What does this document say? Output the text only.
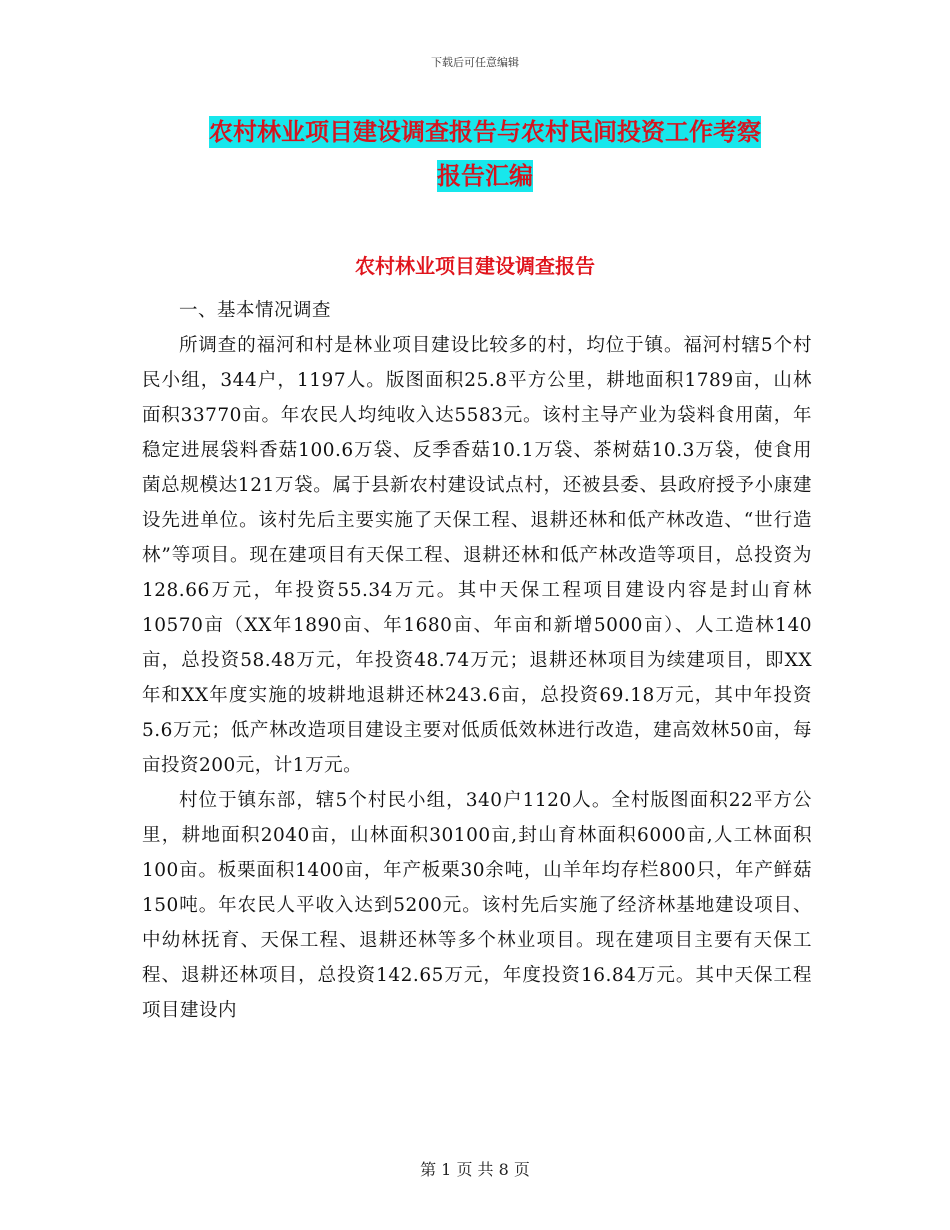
下载后可任意编辑
农村林业项目建设调查报告与农村民间投资工作考察
报告汇编
农村林业项目建设调查报告

一、基本情况调查

所调查的福河和村是林业项目建设比较多的村，均位于镇。福河村辖5个村民小组，344户，1197人。版图面积25.8平方公里，耕地面积1789亩，山林面积33770亩。年农民人均纯收入达5583元。该村主导产业为袋料食用菌，年稳定进展袋料香菇100.6万袋、反季香菇10.1万袋、茶树菇10.3万袋，使食用菌总规模达121万袋。属于县新农村建设试点村，还被县委、县政府授予小康建设先进单位。该村先后主要实施了天保工程、退耕还林和低产林改造、“世行造林”等项目。现在建项目有天保工程、退耕还林和低产林改造等项目，总投资为128.66万元，年投资55.34万元。其中天保工程项目建设内容是封山育林10570亩（XX年1890亩、年1680亩、年亩和新增5000亩）、人工造林140亩，总投资58.48万元，年投资48.74万元；退耕还林项目为续建项目，即XX年和XX年度实施的坡耕地退耕还林243.6亩，总投资69.18万元，其中年投资5.6万元；低产林改造项目建设主要对低质低效林进行改造，建高效林50亩，每亩投资200元，计1万元。

村位于镇东部，辖5个村民小组，340户1120人。全村版图面积22平方公里，耕地面积2040亩，山林面积30100亩,封山育林面积6000亩,人工林面积100亩。板栗面积1400亩，年产板栗30余吨，山羊年均存栏800只，年产鲜菇150吨。年农民人平收入达到5200元。该村先后实施了经济林基地建设项目、中幼林抚育、天保工程、退耕还林等多个林业项目。现在建项目主要有天保工程、退耕还林项目，总投资142.65万元，年度投资16.84万元。其中天保工程项目建设内

第 1 页 共 8 页
